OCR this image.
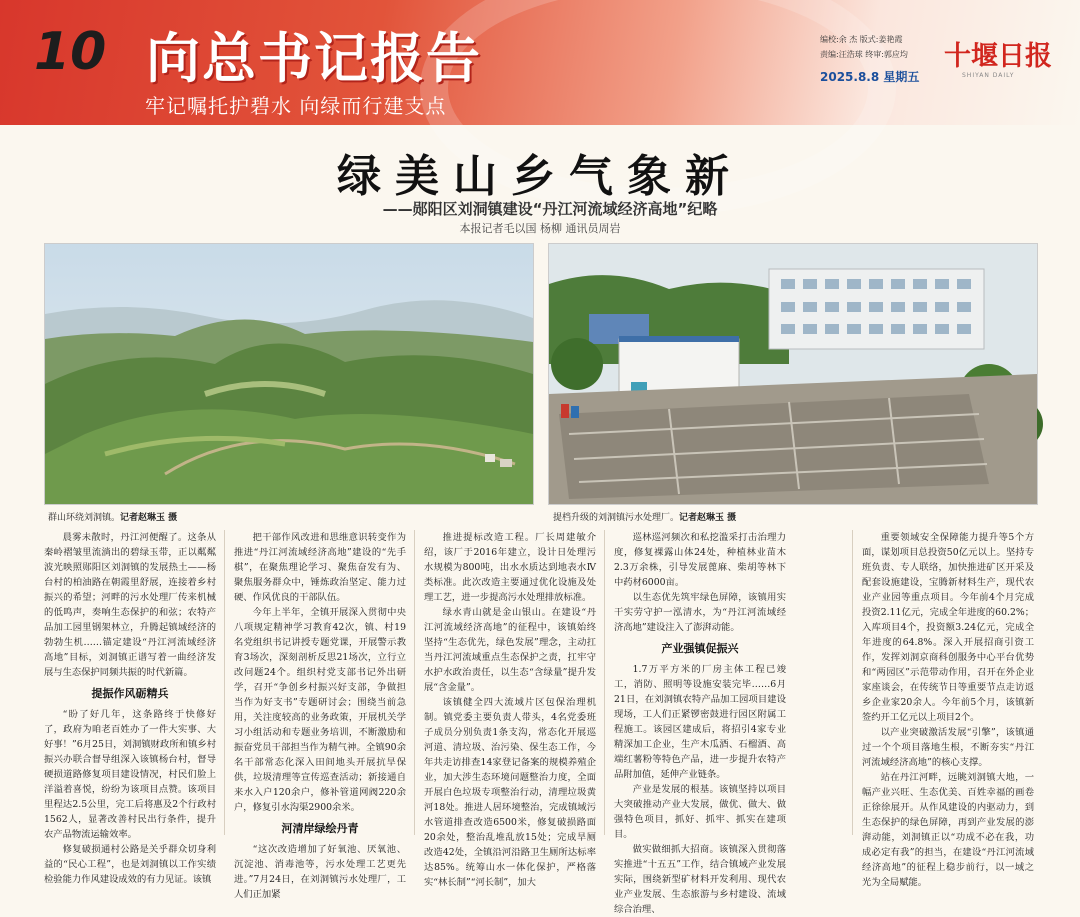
10 向总书记报告
牢记嘱托护碧水 向绿而行建支点
编校:余 杰 版式:姜艳霞
责编:汪浩球 终审:郭应均
2025.8.8 星期五
十堰日报
SHIYAN DAILY
绿美山乡气象新
——郧阳区刘洞镇建设“丹江河流域经济高地”纪略
本报记者毛以国 杨柳 通讯员周岩
群山环绕刘洞镇。记者赵琳玉 摄	提档升级的刘洞镇污水处理厂。记者赵琳玉 摄

晨雾未散时，丹江河便醒了。这条从秦岭褶皱里流淌出的碧绿玉带，正以粼粼波光映照郧阳区刘洞镇的发展热土——杨台村的柏油路在朝霞里舒展，连接着乡村振兴的希望；河畔的污水处理厂传来机械的低鸣声，奏响生态保护的和弦；农特产品加工园里钢架林立，升腾起镇域经济的勃勃生机……锚定建设“丹江河流域经济高地”目标，刘洞镇正谱写着一曲经济发展与生态保护同频共振的时代新篇。

提振作风砺精兵

“盼了好几年，这条路终于快修好了，政府为咱老百姓办了一件大实事、大好事！”6月25日，刘洞镇财政所和镇乡村振兴办联合督导组深入该镇杨台村，督导硬损道路修复项目建设情况，村民们脸上洋溢着喜悦，纷纷为该项目点赞。该项目里程达2.5公里，完工后将惠及2个行政村1562人，显著改善村民出行条件，提升农产品物流运输效率。

修复破损通村公路是关乎群众切身利益的“民心工程”，也是刘洞镇以工作实绩检验能力作风建设成效的有力见证。该镇

把干部作风改进和思维意识转变作为推进“丹江河流域经济高地”建设的“先手棋”，在聚焦理论学习、聚焦奋发有为、聚焦服务群众中，锤炼政治坚定、能力过硬、作风优良的干部队伍。

今年上半年，全镇开展深入贯彻中央八项规定精神学习教育42次，镇、村19名党组织书记讲授专题党课，开展警示教育3场次，深刻剖析反思21场次，立行立改问题24个。组织村党支部书记外出研学，召开“争创乡村振兴好支部，争做担当作为好支书”专题研讨会；围绕当前急用，关注度较高的业务政策，开展机关学习小组活动和专题业务培训，不断激励和振奋党员干部担当作为精气神。全镇90余名干部常态化深入田间地头开展抗旱保供，垃圾清理等宣传巡查活动；新接通自来水入户120余户，修补管道网阀220余户，修复引水沟渠2900余米。

河清岸绿绘丹青

“这次改造增加了好氧池、厌氧池、沉淀池、消毒池等，污水处理工艺更先进。”7月24日，在刘洞镇污水处理厂，工人们正加紧

推进提标改造工程。厂长周建敏介绍，该厂于2016年建立，设计日处理污水规模为800吨，出水水质达到地表水Ⅳ类标准。此次改造主要通过优化设施及处理工艺，进一步提高污水处理排放标准。

绿水青山就是金山银山。在建设“丹江河流域经济高地”的征程中，该镇始终坚持“生态优先，绿色发展”理念，主动扛当丹江河流域重点生态保护之责，扛牢守水护水政治责任，以生态“含绿量”提升发展“含金量”。

该镇健全四大流域片区包保治理机制。镇党委主要负责人带头，4名党委班子成员分别负责1条支沟，常态化开展巡河道、清垃圾、治污染、保生态工作，今年共走访排查14家登记备案的规模养殖企业，加大涉生态环境问题整治力度，全面开展白色垃圾专项整治行动，清理垃圾黄河18处。推进人居环境整治，完成镇域污水管道排查改造6500米，修复破损路面20余处，整治乱堆乱放15处；完成旱厕改造42处，全镇沿河沿路卫生厕所达标率达85%。统筹山水一体化保护，严格落实“林长制”“河长制”，加大

巡林巡河频次和私挖滥采打击治理力度，修复裸露山体24处，种植林业苗木2.3万余株，引导发展蓖麻、柴胡等林下中药材6000亩。

以生态优先筑牢绿色屏障，该镇用实干实劳守护一泓清水，为“丹江河流域经济高地”建设注入了澎湃动能。

产业强镇促振兴

1.7万平方米的厂房主体工程已竣工，消防、照明等设施安装完毕……6月21日，在刘洞镇农特产品加工园项目建设现场，工人们正紧锣密鼓进行园区附属工程施工。该园区建成后，将招引4家专业精深加工企业，生产木瓜酒、石榴酒、高端红薯粉等特色产品，进一步提升农特产品附加值，延伸产业链条。

产业是发展的根基。该镇坚持以项目大突破推动产业大发展，做优、做大、做强特色项目，抓好、抓牢、抓实在建项目。

做实做细抓大招商。该镇深入贯彻落实推进“十五五”工作，结合镇域产业发展实际，围绕新型矿材料开发利用、现代农业产业发展、生态旅游与乡村建设、流域综合治理、

重要领域安全保障能力提升等5个方面，谋划项目总投资50亿元以上。坚持专班负责、专人联络，加快推进矿区开采及配套设施建设，宝腾新材料生产，现代农业产业园等重点项目。今年前4个月完成投资2.11亿元，完成全年进度的60.2%；入库项目4个，投资额3.24亿元，完成全年进度的64.8%。深入开展招商引资工作，发挥刘洞京商科创服务中心平台优势和“两园区”示范带动作用，召开在外企业家座谈会，在传统节日等重要节点走访返乡企业家20余人。今年前5个月，该镇新签约开工亿元以上项目2个。

以产业突破激活发展“引擎”，该镇通过一个个项目落地生根，不断夯实“丹江河流域经济高地”的核心支撑。

站在丹江河畔，远眺刘洞镇大地，一幅产业兴旺、生态优美、百姓幸福的画卷正徐徐展开。从作风建设的内驱动力，到生态保护的绿色屏障，再到产业发展的澎湃动能，刘洞镇正以“功成不必在我，功成必定有我”的担当，在建设“丹江河流域经济高地”的征程上稳步前行，以一域之光为全局赋能。
